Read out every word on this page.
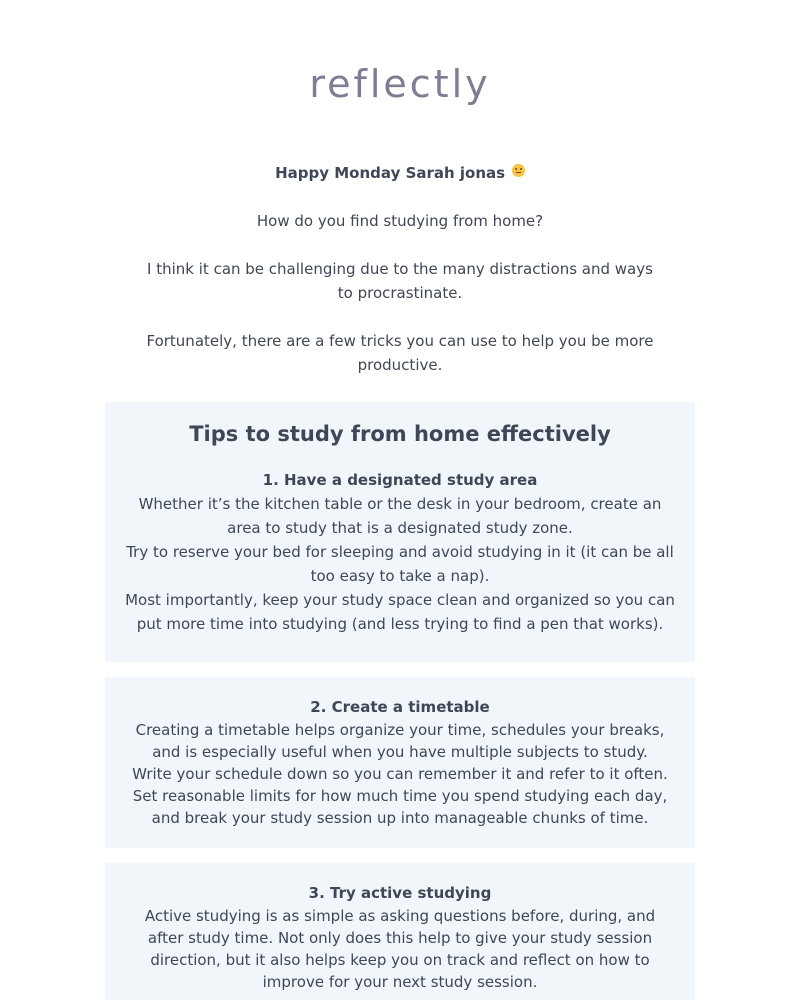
reflectly

Happy Monday Sarah jonas

How do you find studying from home?

I think it can be challenging due to the many distractions and ways to procrastinate.

Fortunately, there are a few tricks you can use to help you be more productive.

Tips to study from home effectively
1. Have a designated study area

Whether it’s the kitchen table or the desk in your bedroom, create an area to study that is a designated study zone.

Try to reserve your bed for sleeping and avoid studying in it (it can be all too easy to take a nap).

Most importantly, keep your study space clean and organized so you can put more time into studying (and less trying to find a pen that works).

2. Create a timetable

Creating a timetable helps organize your time, schedules your breaks, and is especially useful when you have multiple subjects to study.

Write your schedule down so you can remember it and refer to it often.

Set reasonable limits for how much time you spend studying each day, and break your study session up into manageable chunks of time.

3. Try active studying

Active studying is as simple as asking questions before, during, and after study time. Not only does this help to give your study session direction, but it also helps keep you on track and reflect on how to improve for your next study session.
